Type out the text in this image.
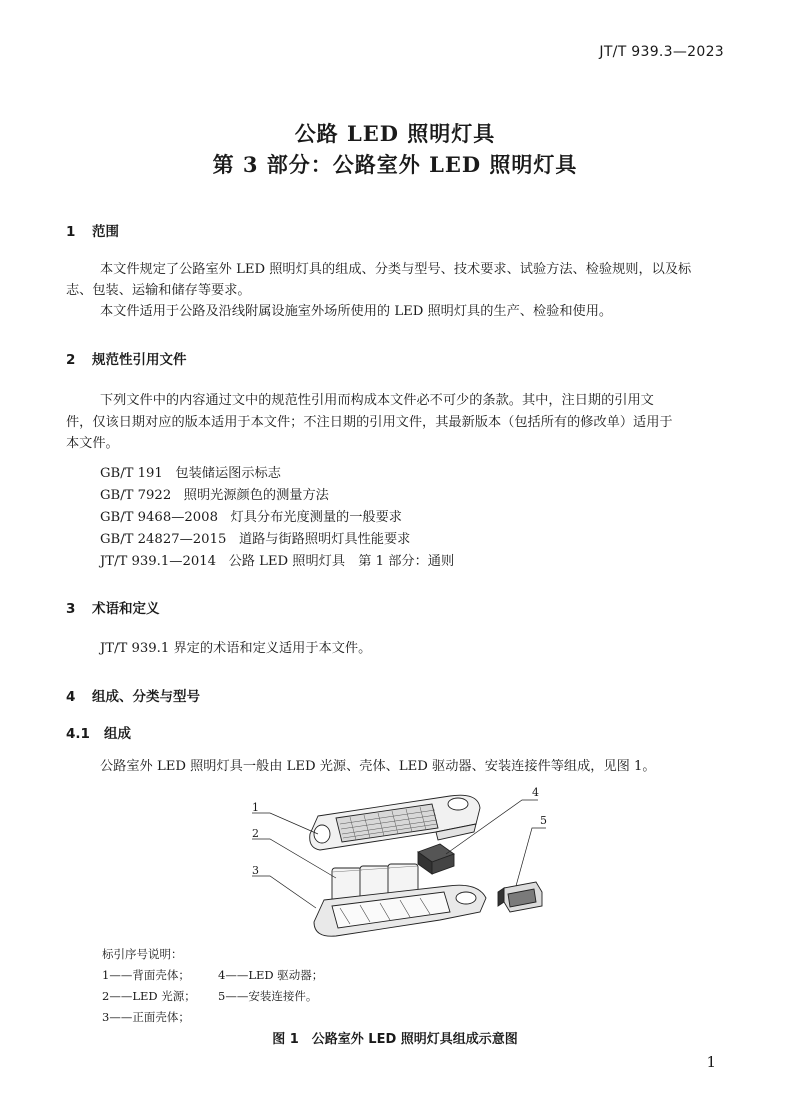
JT/T 939.3—2023
公路 LED 照明灯具
第 3 部分：公路室外 LED 照明灯具
1 范围
本文件规定了公路室外 LED 照明灯具的组成、分类与型号、技术要求、试验方法、检验规则，以及标
志、包装、运输和储存等要求。
本文件适用于公路及沿线附属设施室外场所使用的 LED 照明灯具的生产、检验和使用。
2 规范性引用文件
下列文件中的内容通过文中的规范性引用而构成本文件必不可少的条款。其中，注日期的引用文
件，仅该日期对应的版本适用于本文件；不注日期的引用文件，其最新版本（包括所有的修改单）适用于
本文件。
GB/T 191 包装储运图示标志
GB/T 7922 照明光源颜色的测量方法
GB/T 9468—2008 灯具分布光度测量的一般要求
GB/T 24827—2015 道路与街路照明灯具性能要求
JT/T 939.1—2014 公路 LED 照明灯具　第 1 部分：通则
3 术语和定义
JT/T 939.1 界定的术语和定义适用于本文件。
4 组成、分类与型号
4.1 组成
公路室外 LED 照明灯具一般由 LED 光源、壳体、LED 驱动器、安装连接件等组成，见图 1。
1
2
3
4
5
标引序号说明：
1——背面壳体； 4——LED 驱动器；
2——LED 光源； 5——安装连接件。
3——正面壳体；
图 1　公路室外 LED 照明灯具组成示意图
1
